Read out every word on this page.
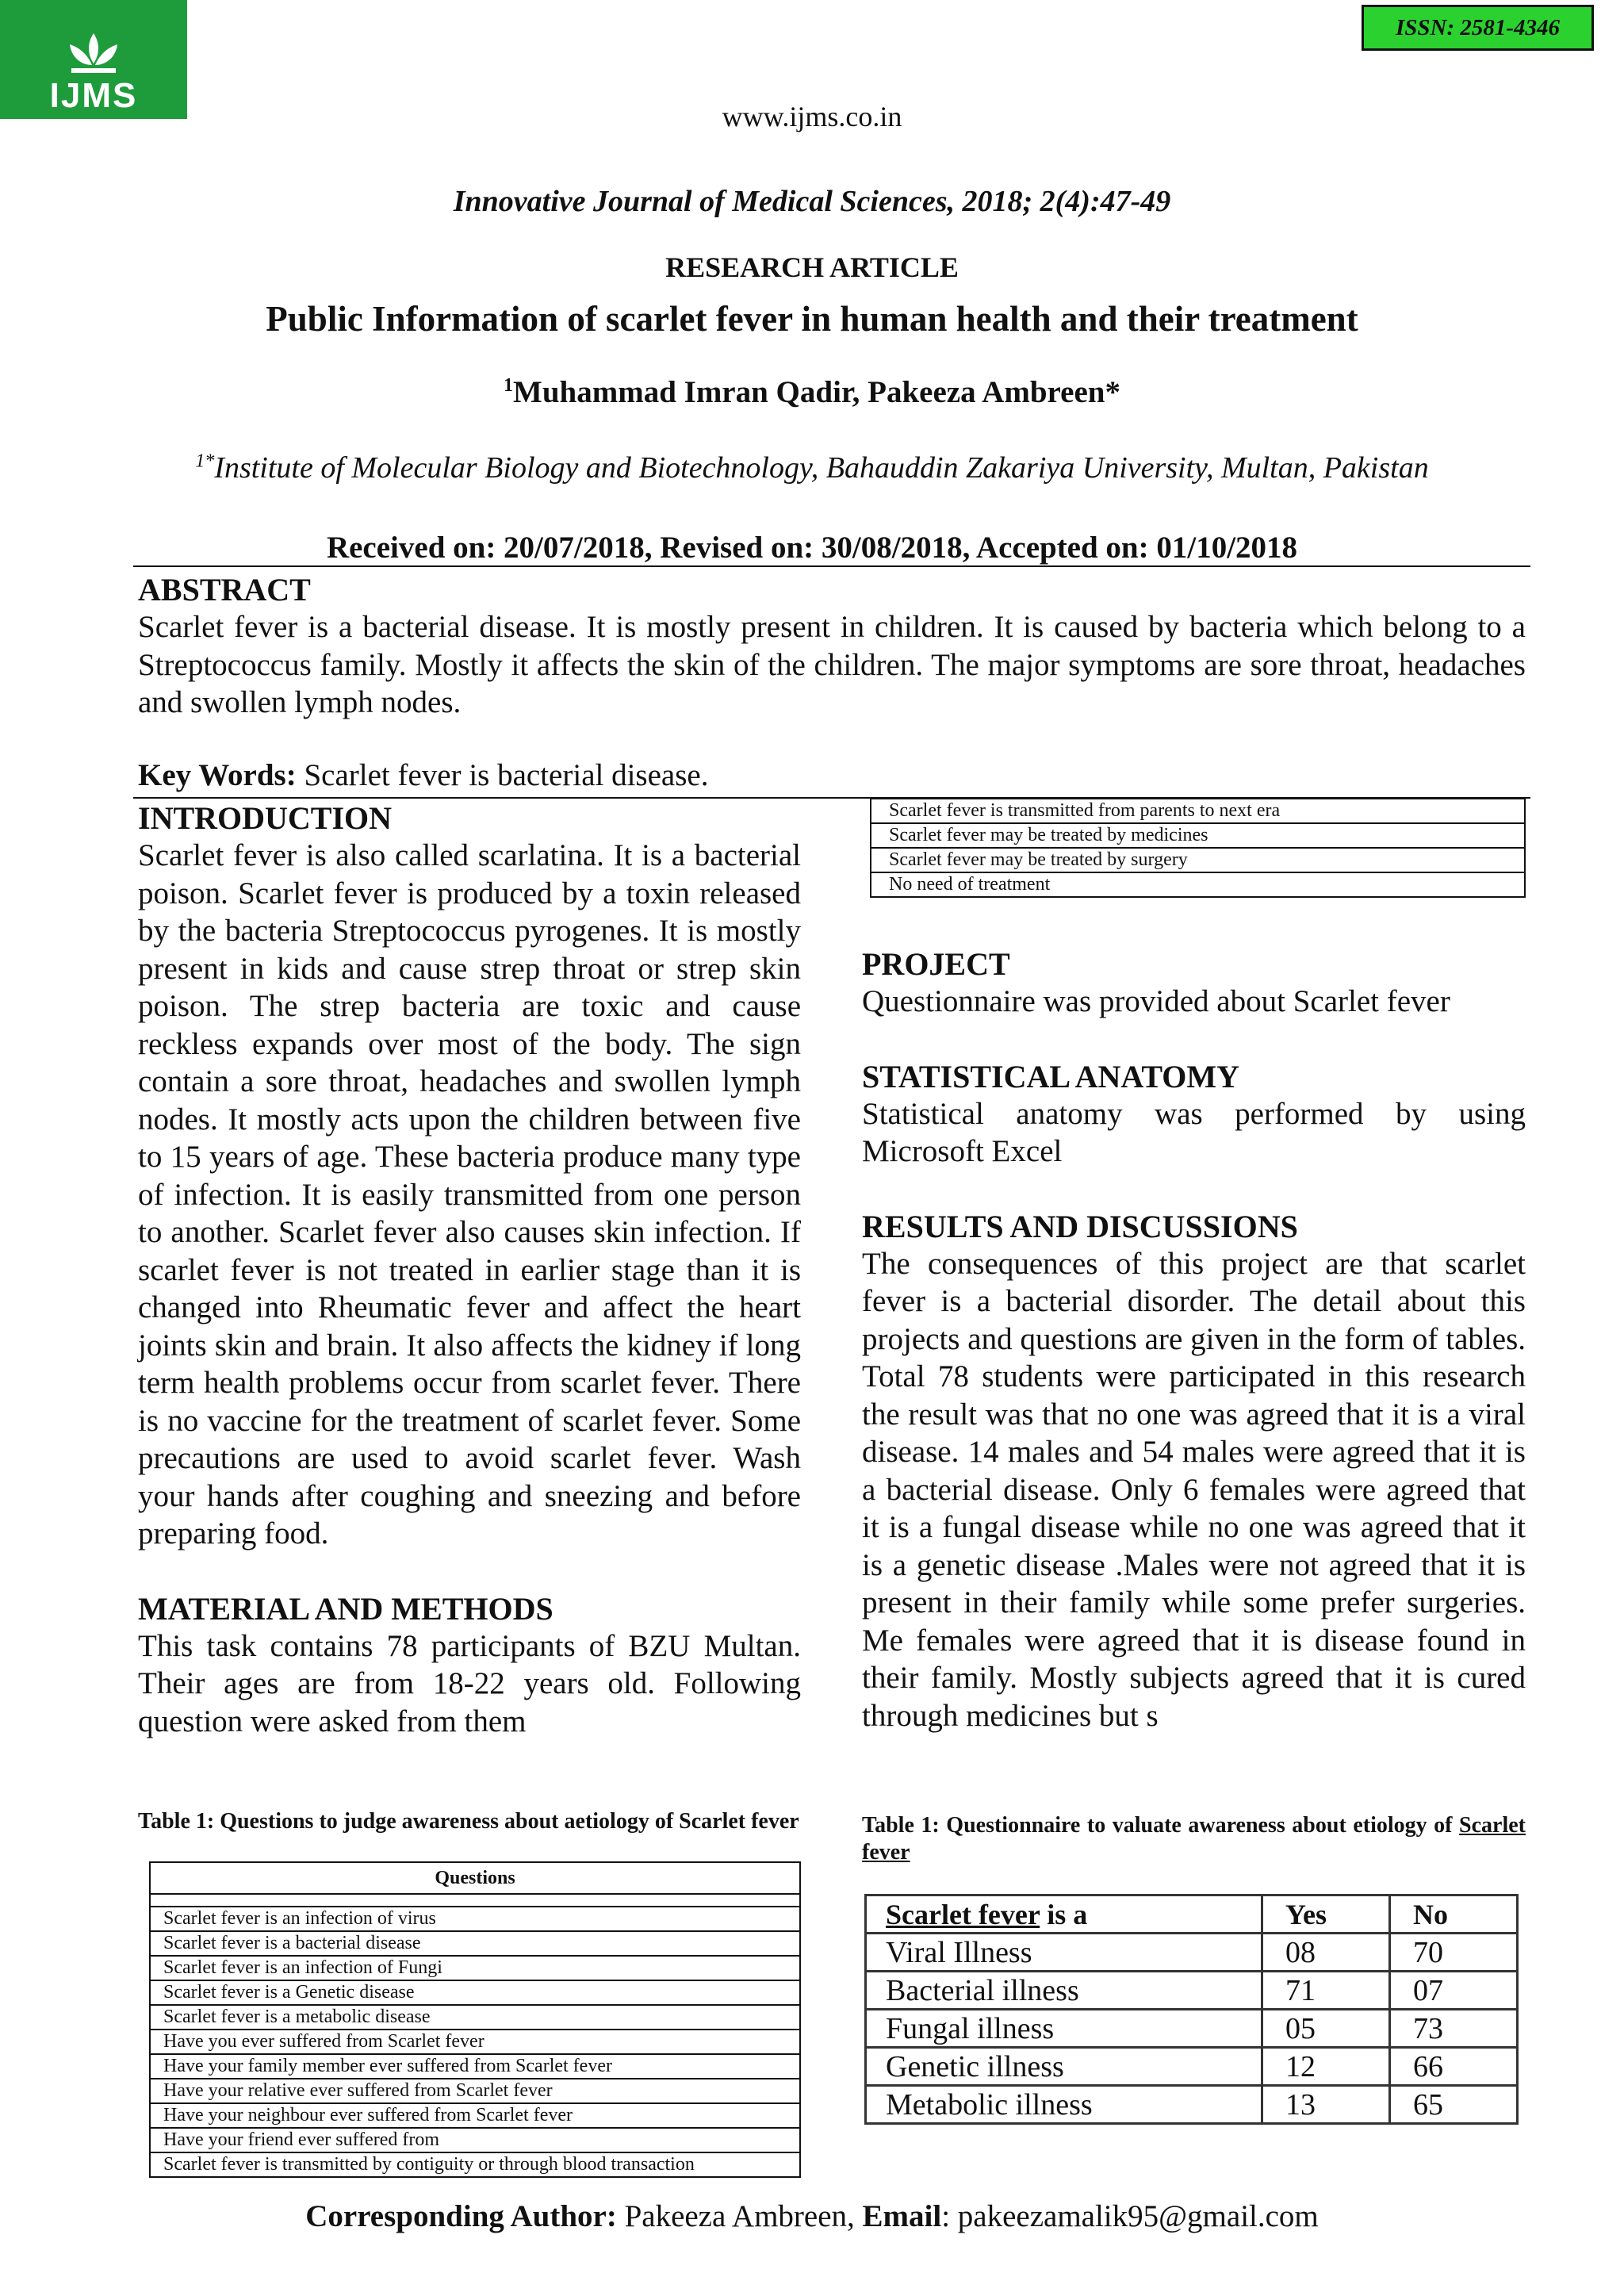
IJMS
ISSN: 2581-4346
www.ijms.co.in
Innovative Journal of Medical Sciences, 2018; 2(4):47-49
RESEARCH ARTICLE
Public Information of scarlet fever in human health and their treatment
$^1$Muhammad Imran Qadir, Pakeeza Ambreen*
$^{1*}$Institute of Molecular Biology and Biotechnology, Bahauddin Zakariya University, Multan, Pakistan
Received on: 20/07/2018, Revised on: 30/08/2018, Accepted on: 01/10/2018
ABSTRACT

Scarlet fever is a bacterial disease. It is mostly present in children. It is caused by bacteria which belong to a Streptococcus family. Mostly it affects the skin of the children. The major symptoms are sore throat, headaches and swollen lymph nodes.

Key Words: Scarlet fever is bacterial disease.
INTRODUCTION

Scarlet fever is also called scarlatina. It is a bacterial poison. Scarlet fever is produced by a toxin released by the bacteria Streptococcus pyrogenes. It is mostly present in kids and cause strep throat or strep skin poison. The strep bacteria are toxic and cause reckless expands over most of the body. The sign contain a sore throat, headaches and swollen lymph nodes. It mostly acts upon the children between five to 15 years of age. These bacteria produce many type of infection. It is easily transmitted from one person to another. Scarlet fever also causes skin infection. If scarlet fever is not treated in earlier stage than it is changed into Rheumatic fever and affect the heart joints skin and brain. It also affects the kidney if long term health problems occur from scarlet fever. There is no vaccine for the treatment of scarlet fever. Some precautions are used to avoid scarlet fever. Wash your hands after coughing and sneezing and before preparing food.

MATERIAL AND METHODS

This task contains 78 participants of BZU Multan. Their ages are from 18-22 years old. Following question were asked from them

Table 1: Questions to judge awareness about aetiology of Scarlet fever

Questions

Scarlet fever is an infection of virus
Scarlet fever is a bacterial disease
Scarlet fever is an infection of Fungi
Scarlet fever is a Genetic disease
Scarlet fever is a metabolic disease
Have you ever suffered from Scarlet fever
Have your family member ever suffered from Scarlet fever
Have your relative ever suffered from Scarlet fever
Have your neighbour ever suffered from Scarlet fever
Have your friend ever suffered from
Scarlet fever is transmitted by contiguity or through blood transaction
Scarlet fever is transmitted from parents to next era
Scarlet fever may be treated by medicines
Scarlet fever may be treated by surgery
No need of treatment
PROJECT

Questionnaire was provided about Scarlet fever

STATISTICAL ANATOMY

Statistical anatomy was performed by using Microsoft Excel

RESULTS AND DISCUSSIONS

The consequences of this project are that scarlet fever is a bacterial disorder. The detail about this projects and questions are given in the form of tables. Total 78 students were participated in this research the result was that no one was agreed that it is a viral disease. 14 males and 54 males were agreed that it is a bacterial disease. Only 6 females were agreed that it is a fungal disease while no one was agreed that it is a genetic disease .Males were not agreed that it is present in their family while some prefer surgeries. Me females were agreed that it is disease found in their family. Mostly subjects agreed that it is cured through medicines but s

Table 1: Questionnaire to valuate awareness about etiology of Scarlet fever

Scarlet fever is a	Yes	No
Viral Illness	08	70
Bacterial illness	71	07
Fungal illness	05	73
Genetic illness	12	66
Metabolic illness	13	65
Corresponding Author: Pakeeza Ambreen, Email: pakeezamalik95@gmail.com
